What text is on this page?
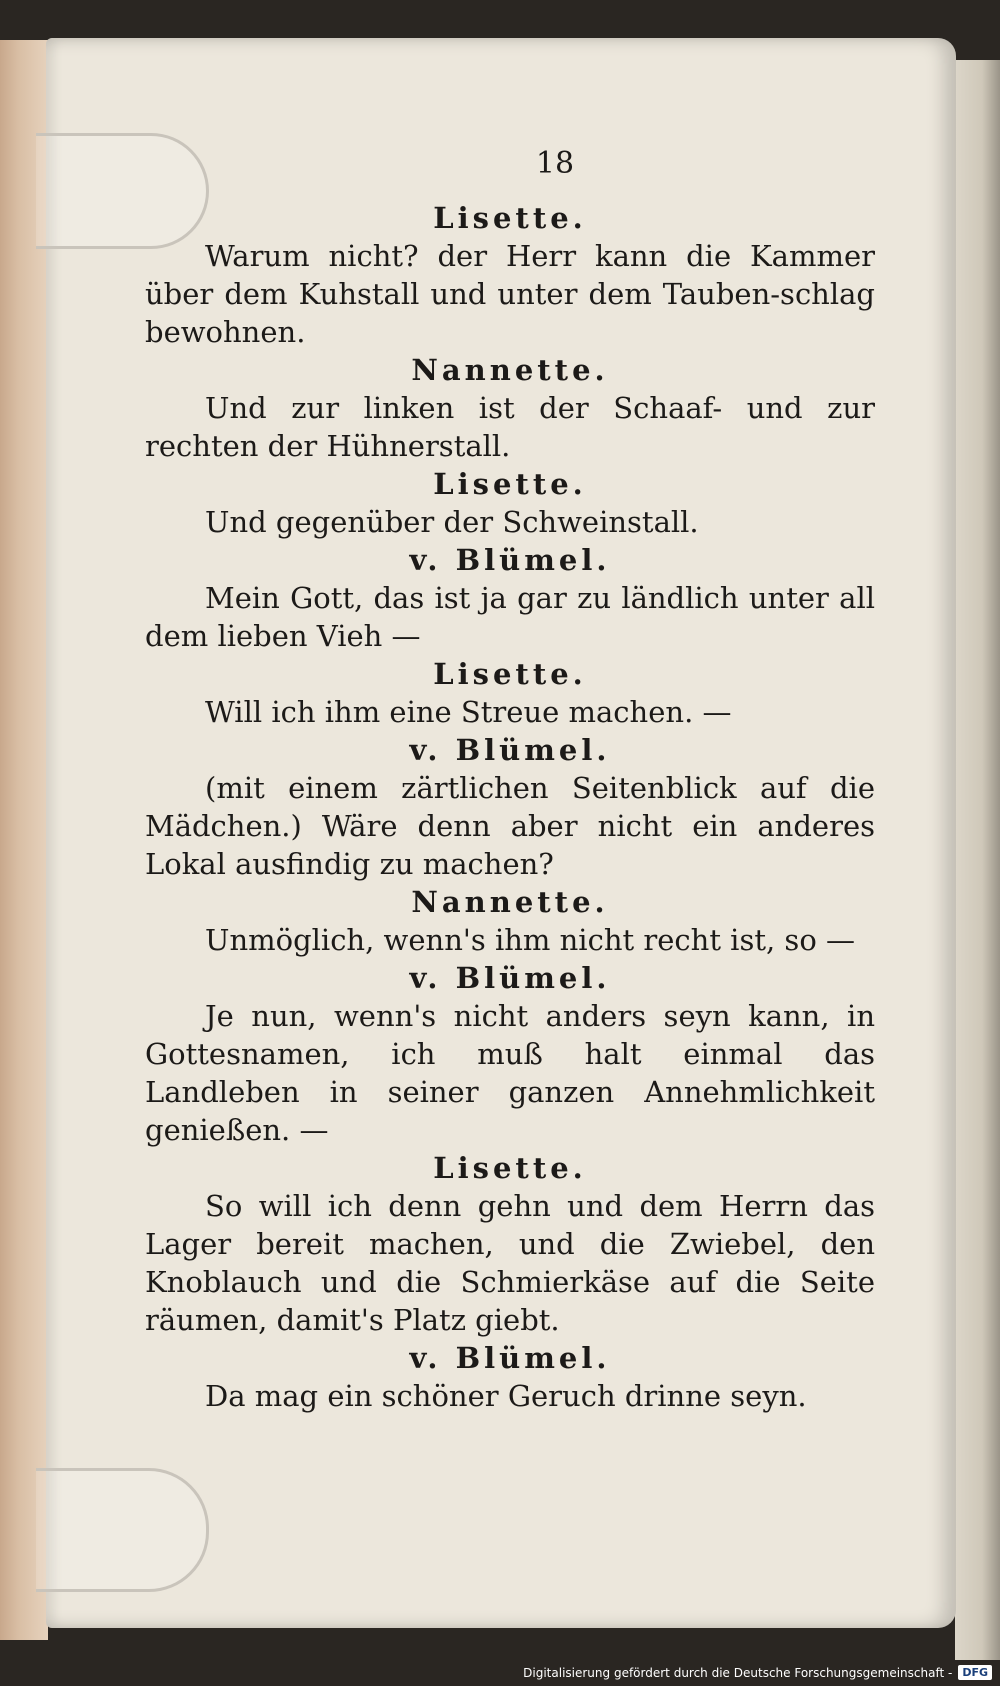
18
Lisette.
Warum nicht? der Herr kann die Kammer über dem Kuhstall und unter dem Tauben-schlag bewohnen.
Nannette.
Und zur linken ist der Schaaf- und zur rechten der Hühnerstall.
Lisette.
Und gegenüber der Schweinstall.
v. Blümel.
Mein Gott, das ist ja gar zu ländlich unter all dem lieben Vieh —
Lisette.
Will ich ihm eine Streue machen. —
v. Blümel.
(mit einem zärtlichen Seitenblick auf die Mädchen.) Wäre denn aber nicht ein anderes Lokal ausfindig zu machen?
Nannette.
Unmöglich, wenn's ihm nicht recht ist, so —
v. Blümel.
Je nun, wenn's nicht anders seyn kann, in Gottesnamen, ich muß halt einmal das Landleben in seiner ganzen Annehmlichkeit genießen. —
Lisette.
So will ich denn gehn und dem Herrn das Lager bereit machen, und die Zwiebel, den Knoblauch und die Schmierkäse auf die Seite räumen, damit's Platz giebt.
v. Blümel.
Da mag ein schöner Geruch drinne seyn.
Digitalisierung gefördert durch die Deutsche Forschungsgemeinschaft - DFG
